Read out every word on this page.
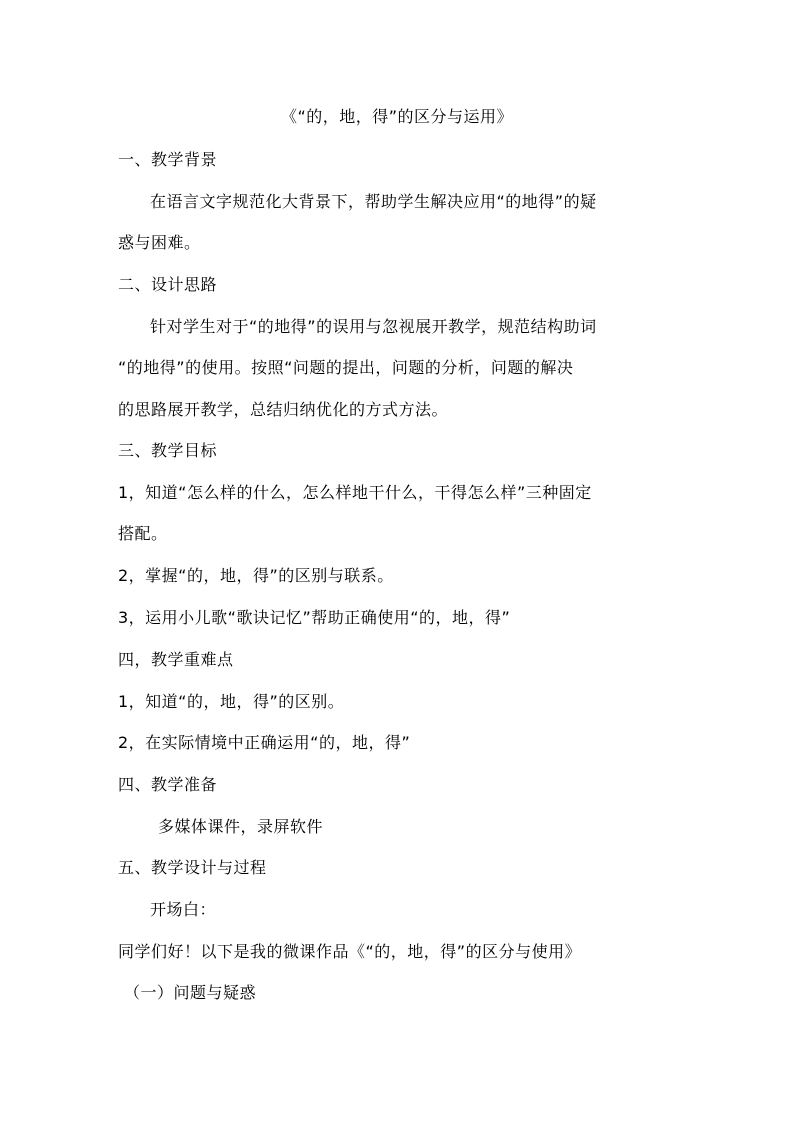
《“的，地，得”的区分与运用》
一、教学背景
在语言文字规范化大背景下，帮助学生解决应用“的地得”的疑
惑与困难。
二、设计思路
针对学生对于“的地得”的误用与忽视展开教学，规范结构助词
“的地得”的使用。按照“问题的提出，问题的分析，问题的解决
的思路展开教学，总结归纳优化的方式方法。
三、教学目标
1，知道“怎么样的什么，怎么样地干什么，干得怎么样”三种固定
搭配。
2，掌握“的，地，得”的区别与联系。
3，运用小儿歌“歌诀记忆”帮助正确使用“的，地，得”
四，教学重难点
1，知道“的，地，得”的区别。
2，在实际情境中正确运用“的，地，得”
四、教学准备
多媒体课件，录屏软件
五、教学设计与过程
开场白：
同学们好！以下是我的微课作品《“的，地，得”的区分与使用》
（一）问题与疑惑
